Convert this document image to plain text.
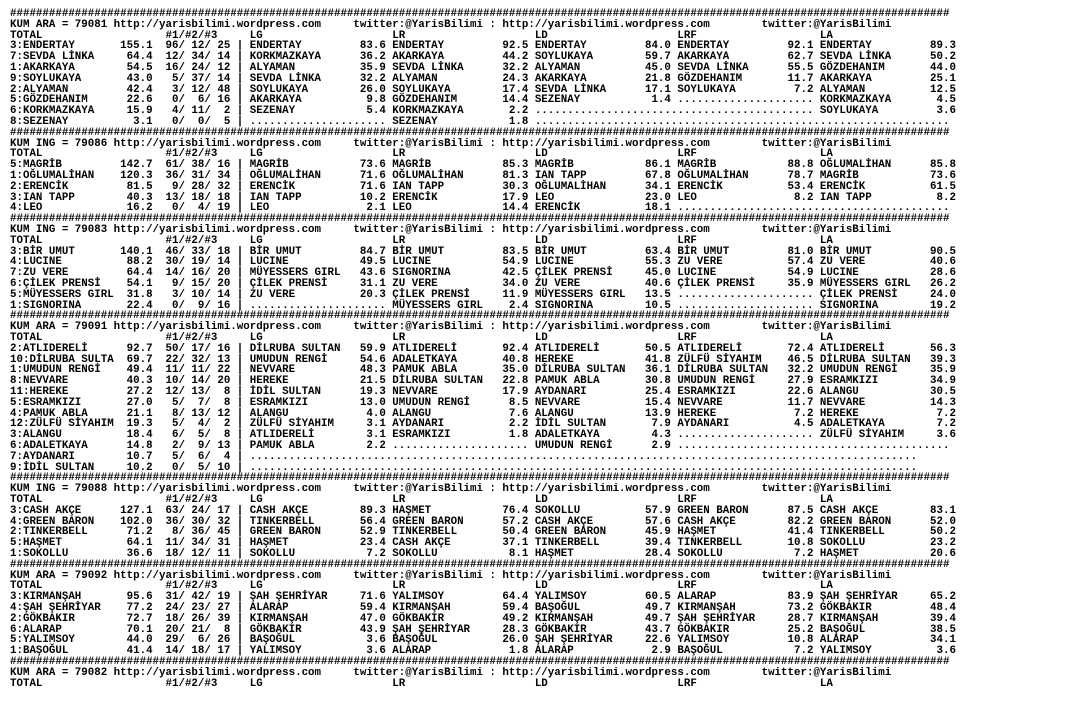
#################################################################################################################################################
KUM ARA = 79081 http://yarisbilimi.wordpress.com     twitter:@YarisBilimi : http://yarisbilimi.wordpress.com        twitter:@YarisBilimi
TOTAL                   #1/#2/#3     LG                    LR                    LD                    LRF                   LA
3:ENDERTAY       155.1  96/ 12/ 25 | ENDERTAY         83.6 ENDERTAY         92.5 ENDERTAY         84.0 ENDERTAY         92.1 ENDERTAY         89.3
7:SEVDA LİNKA     64.4  12/ 34/ 14 | KORKMAZKAYA      36.2 AKARKAYA         44.2 SOYLUKAYA        59.7 AKARKAYA         62.7 SEVDA LİNKA      50.2
1:AKARKAYA        54.5  16/ 24/ 12 | ALYAMAN          35.9 SEVDA LİNKA      32.2 ALYAMAN          45.0 SEVDA LİNKA      55.5 GÖZDEHANIM       44.0
9:SOYLUKAYA       43.0   5/ 37/ 14 | SEVDA LİNKA      32.2 ALYAMAN          24.3 AKARKAYA         21.8 GÖZDEHANIM       11.7 AKARKAYA         25.1
2:ALYAMAN         42.4   3/ 12/ 48 | SOYLUKAYA        26.0 SOYLUKAYA        17.4 SEVDA LİNKA      17.1 SOYLUKAYA         7.2 ALYAMAN          12.5
5:GÖZDEHANIM      22.6   0/  6/ 16 | AKARKAYA          9.8 GÖZDEHANIM       14.4 SEZENAY           1.4 ..................... KORKMAZKAYA       4.5
6:KORKMAZKAYA     15.9   4/ 11/  2 | SEZENAY           5.4 KORKMAZKAYA       2.2 ........................................... SOYLUKAYA         3.6
8:SEZENAY          3.1   0/  0/  5 | ..................... SEZENAY           1.8 ................................................................
#################################################################################################################################################
KUM ING = 79086 http://yarisbilimi.wordpress.com     twitter:@YarisBilimi : http://yarisbilimi.wordpress.com        twitter:@YarisBilimi
TOTAL                   #1/#2/#3     LG                    LR                    LD                    LRF                   LA
5:MAGRİB         142.7  61/ 38/ 16 | MAGRİB           73.6 MAGRİB           85.3 MAGRİB           86.1 MAGRİB           88.8 OĞLUMALİHAN      85.8
1:OĞLUMALİHAN    120.3  36/ 31/ 34 | OĞLUMALİHAN      71.6 OĞLUMALİHAN      81.3 IAN TAPP         67.8 OĞLUMALİHAN      78.7 MAGRİB           73.6
2:ERENCİK         81.5   9/ 28/ 32 | ERENCİK          71.6 IAN TAPP         30.3 OĞLUMALİHAN      34.1 ERENCİK          53.4 ERENCİK          61.5
3:IAN TAPP        40.3  13/ 18/ 18 | IAN TAPP         10.2 ERENCİK          17.9 LEO              23.0 LEO               8.2 IAN TAPP          8.2
4:LEO             16.2   0/  4/ 19 | LEO               2.1 LEO              14.4 ERENCİK          18.1 ..........................................
#################################################################################################################################################
KUM ING = 79083 http://yarisbilimi.wordpress.com     twitter:@YarisBilimi : http://yarisbilimi.wordpress.com        twitter:@YarisBilimi
TOTAL                   #1/#2/#3     LG                    LR                    LD                    LRF                   LA
3:BİR UMUT       140.1  46/ 33/ 18 | BİR UMUT         84.7 BİR UMUT         83.5 BİR UMUT         63.4 BİR UMUT         81.0 BİR UMUT         90.5
4:LUCINE          88.2  30/ 19/ 14 | LUCINE           49.5 LUCINE           54.9 LUCINE           55.3 ZU VERE          57.4 ZU VERE          40.6
7:ZU VERE         64.4  14/ 16/ 20 | MÜYESSERS GIRL   43.6 SIGNORINA        42.5 ÇİLEK PRENSİ     45.0 LUCINE           54.9 LUCINE           28.6
6:ÇİLEK PRENSİ    54.1   9/ 15/ 20 | ÇİLEK PRENSİ     31.1 ZU VERE          34.0 ZU VERE          40.6 ÇİLEK PRENSİ     35.9 MÜYESSERS GIRL   26.2
5:MÜYESSERS GIRL  31.8   3/ 10/ 14 | ZU VERE          20.3 ÇİLEK PRENSİ     11.9 MÜYESSERS GIRL   13.5 ..................... ÇİLEK PRENSİ     24.0
1:SIGNORINA       22.4   0/  9/ 16 | ..................... MÜYESSERS GIRL    2.4 SIGNORINA        10.5 ..................... SIGNORINA        19.2
#################################################################################################################################################
KUM ARA = 79091 http://yarisbilimi.wordpress.com     twitter:@YarisBilimi : http://yarisbilimi.wordpress.com        twitter:@YarisBilimi
TOTAL                   #1/#2/#3     LG                    LR                    LD                    LRF                   LA
2:ATLIDERELİ      92.7  50/ 17/ 16 | DİLRUBA SULTAN   59.9 ATLIDERELİ       92.4 ATLIDERELİ       50.5 ATLIDERELİ       72.4 ATLIDERELİ       56.3
10:DİLRUBA SULTA  69.7  22/ 32/ 13 | UMUDUN RENGİ     54.6 ADALETKAYA       40.8 HEREKE           41.8 ZÜLFÜ SİYAHIM    46.5 DİLRUBA SULTAN   39.3
1:UMUDUN RENGİ    49.4  11/ 11/ 22 | NEVVARE          48.3 PAMUK ABLA       35.0 DİLRUBA SULTAN   36.1 DİLRUBA SULTAN   32.2 UMUDUN RENGİ     35.9
8:NEVVARE         40.3  10/ 14/ 20 | HEREKE           21.5 DİLRUBA SULTAN   22.8 PAMUK ABLA       30.8 UMUDUN RENGİ     27.9 ESRAMKIZI        34.9
11:HEREKE         27.2  12/ 13/  8 | İDİL SULTAN      19.3 NEVVARE          17.9 AYDANARI         25.4 ESRAMKIZI        22.6 ALANGU           30.5
5:ESRAMKIZI       27.0   5/  7/  8 | ESRAMKIZI        13.0 UMUDUN RENGİ      8.5 NEVVARE          15.4 NEVVARE          11.7 NEVVARE          14.3
4:PAMUK ABLA      21.1   8/ 13/ 12 | ALANGU            4.0 ALANGU            7.6 ALANGU           13.9 HEREKE            7.2 HEREKE            7.2
12:ZÜLFÜ SİYAHIM  19.3   5/  4/  2 | ZÜLFÜ SİYAHIM     3.1 AYDANARI          2.2 İDİL SULTAN       7.9 AYDANARI          4.5 ADALETKAYA        7.2
3:ALANGU          18.4   6/  5/  8 | ATLIDERELİ        3.1 ESRAMKIZI         1.8 ADALETKAYA        4.3 ..................... ZÜLFÜ SİYAHIM     3.6
6:ADALETKAYA      14.8   2/  9/ 13 | PAMUK ABLA        2.2 ..................... UMUDUN RENGİ      2.9 ..........................................
7:AYDANARI        10.7   5/  6/  4 | .......................................................................................................
9:İDİL SULTAN     10.2   0/  5/ 10 | .......................................................................................................
#################################################################################################################################################
KUM ING = 79088 http://yarisbilimi.wordpress.com     twitter:@YarisBilimi : http://yarisbilimi.wordpress.com        twitter:@YarisBilimi
TOTAL                   #1/#2/#3     LG                    LR                    LD                    LRF                   LA
3:CASH AKÇE      127.1  63/ 24/ 17 | CASH AKÇE        89.3 HAŞMET           76.4 SOKOLLU          57.9 GREEN BARON      87.5 CASH AKÇE        83.1
4:GREEN BARON    102.0  36/ 30/ 32 | TINKERBELL       56.4 GREEN BARON      57.2 CASH AKÇE        57.6 CASH AKÇE        82.2 GREEN BARON      52.0
2:TINKERBELL      71.2   8/ 36/ 45 | GREEN BARON      52.9 TINKERBELL       50.4 GREEN BARON      45.9 HAŞMET           41.4 TINKERBELL       50.2
5:HAŞMET          64.1  11/ 34/ 31 | HAŞMET           23.4 CASH AKÇE        37.1 TINKERBELL       39.4 TINKERBELL       10.8 SOKOLLU          23.2
1:SOKOLLU         36.6  18/ 12/ 11 | SOKOLLU           7.2 SOKOLLU           8.1 HAŞMET           28.4 SOKOLLU           7.2 HAŞMET           20.6
#################################################################################################################################################
KUM ARA = 79092 http://yarisbilimi.wordpress.com     twitter:@YarisBilimi : http://yarisbilimi.wordpress.com        twitter:@YarisBilimi
TOTAL                   #1/#2/#3     LG                    LR                    LD                    LRF                   LA
3:KIRMANŞAH       95.6  31/ 42/ 19 | ŞAH ŞEHRİYAR     71.6 YALIMSOY         64.4 YALIMSOY         60.5 ALARAP           83.9 ŞAH ŞEHRİYAR     65.2
4:ŞAH ŞEHRİYAR    77.2  24/ 23/ 27 | ALARAP           59.4 KIRMANŞAH        59.4 BAŞOĞUL          49.7 KIRMANŞAH        73.2 GÖKBAKIR         48.4
2:GÖKBAKIR        72.7  18/ 26/ 39 | KIRMANŞAH        47.0 GÖKBAKIR         49.2 KIRMANŞAH        49.7 ŞAH ŞEHRİYAR     28.7 KIRMANŞAH        39.4
6:ALARAP          70.1  20/ 21/  8 | GÖKBAKIR         43.9 ŞAH ŞEHRİYAR     28.3 GÖKBAKIR         43.7 GÖKBAKIR         25.2 BAŞOĞUL          38.5
5:YALIMSOY        44.0  29/  6/ 26 | BAŞOĞUL           3.6 BAŞOĞUL          26.0 ŞAH ŞEHRİYAR     22.6 YALIMSOY         10.8 ALARAP           34.1
1:BAŞOĞUL         41.4  14/ 18/ 17 | YALIMSOY          3.6 ALARAP            1.8 ALARAP            2.9 BAŞOĞUL           7.2 YALIMSOY          3.6
#################################################################################################################################################
KUM ARA = 79082 http://yarisbilimi.wordpress.com     twitter:@YarisBilimi : http://yarisbilimi.wordpress.com        twitter:@YarisBilimi
TOTAL                   #1/#2/#3     LG                    LR                    LD                    LRF                   LA
